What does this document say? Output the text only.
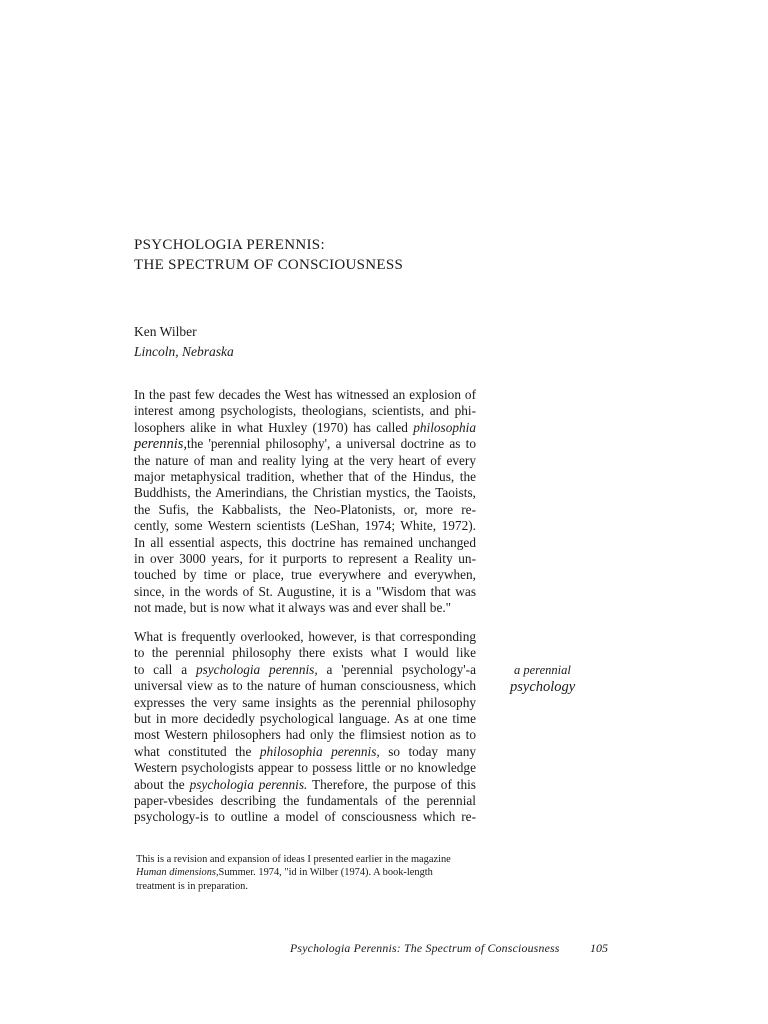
PSYCHOLOGIA PERENNIS:
THE SPECTRUM OF CONSCIOUSNESS
Ken Wilber
Lincoln, Nebraska
In the past few decades the West has witnessed an explosion of
interest among psychologists, theologians, scientists, and phi-
losophers alike in what Huxley (1970) has called philosophia
perennis,the 'perennial philosophy', a universal doctrine as to
the nature of man and reality lying at the very heart of every
major metaphysical tradition, whether that of the Hindus, the
Buddhists, the Amerindians, the Christian mystics, the Taoists,
the Sufis, the Kabbalists, the Neo-Platonists, or, more re-
cently, some Western scientists (LeShan, 1974; White, 1972).
In all essential aspects, this doctrine has remained unchanged
in over 3000 years, for it purports to represent a Reality un-
touched by time or place, true everywhere and everywhen,
since, in the words of St. Augustine, it is a "Wisdom that was
not made, but is now what it always was and ever shall be."
What is frequently overlooked, however, is that corresponding
to the perennial philosophy there exists what I would like
to call a psychologia perennis, a 'perennial psychology'-a
universal view as to the nature of human consciousness, which
expresses the very same insights as the perennial philosophy
but in more decidedly psychological language. As at one time
most Western philosophers had only the flimsiest notion as to
what constituted the philosophia perennis, so today many
Western psychologists appear to possess little or no knowledge
about the psychologia perennis. Therefore, the purpose of this
paper-vbesides describing the fundamentals of the perennial
psychology-is to outline a model of consciousness which re-
a perennial
psychology
This is a revision and expansion of ideas I presented earlier in the magazine
Human dimensions,Summer. 1974, "id in Wilber (1974). A book-length
treatment is in preparation.
Psychologia Perennis: The Spectrum of Consciousness	105
